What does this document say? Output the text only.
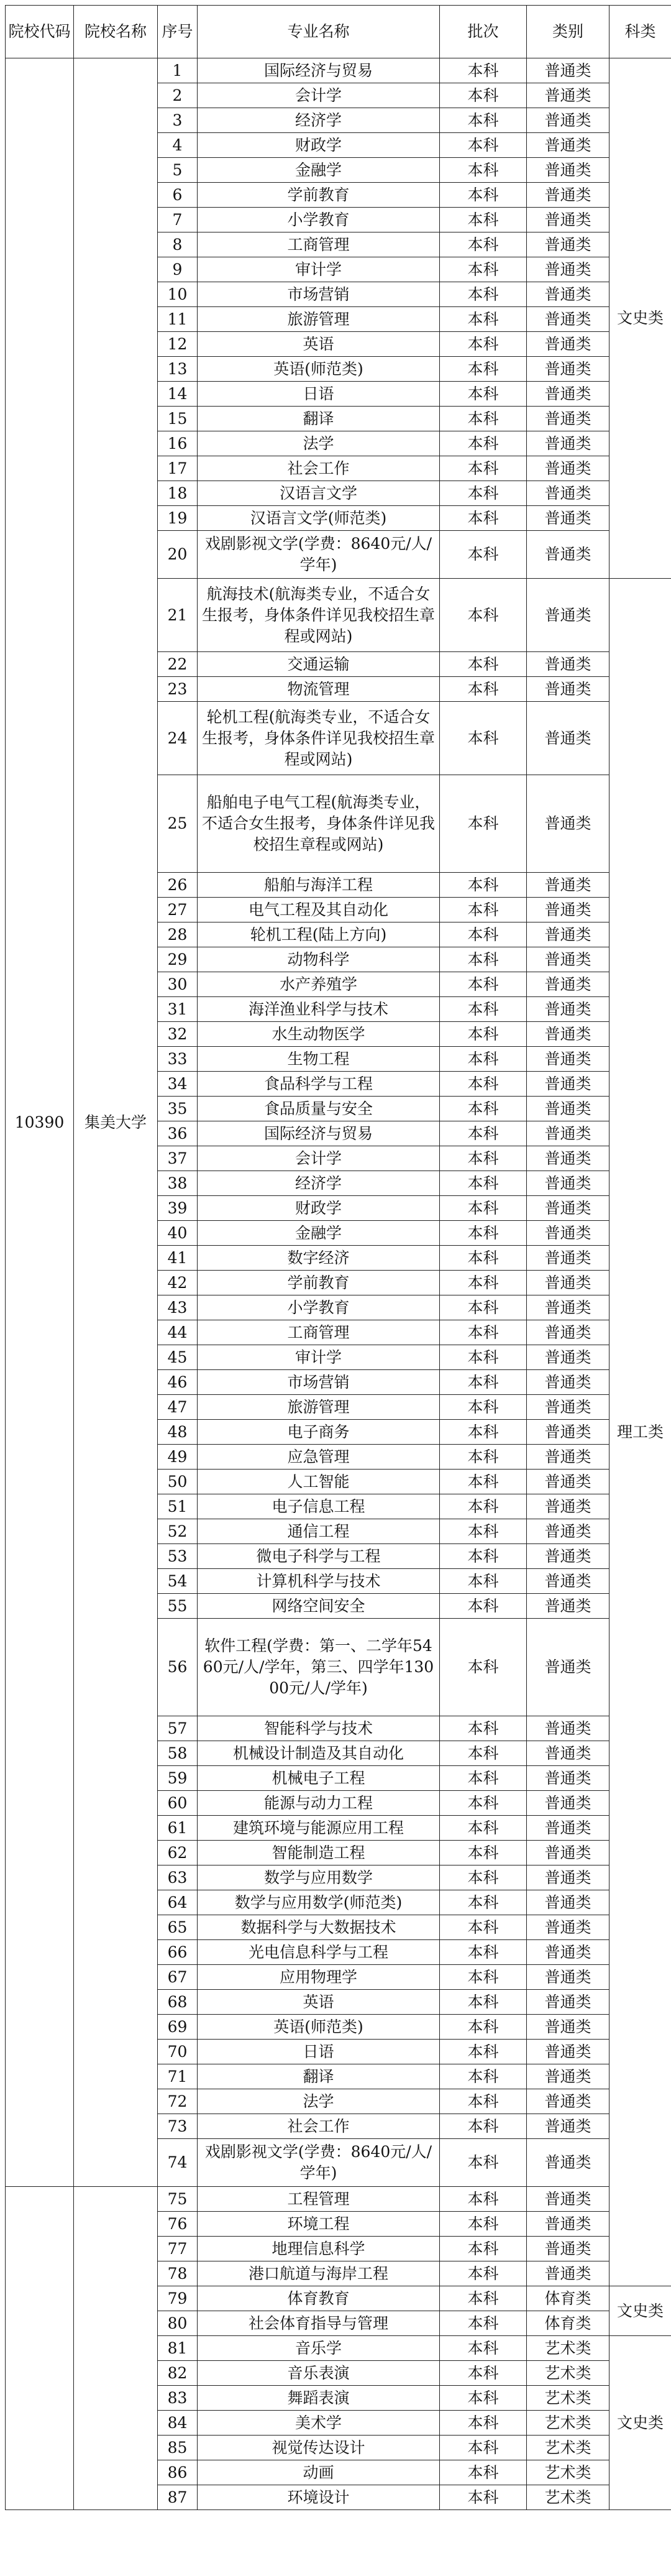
院校代码	院校名称	序号	专业名称	批次	类别	科类
10390	集美大学	1	国际经济与贸易	本科	普通类	文史类
		2	会计学	本科	普通类	
		3	经济学	本科	普通类	
		4	财政学	本科	普通类	
		5	金融学	本科	普通类	
		6	学前教育	本科	普通类	
		7	小学教育	本科	普通类	
		8	工商管理	本科	普通类	
		9	审计学	本科	普通类	
		10	市场营销	本科	普通类	
		11	旅游管理	本科	普通类	
		12	英语	本科	普通类	
		13	英语(师范类)	本科	普通类	
		14	日语	本科	普通类	
		15	翻译	本科	普通类	
		16	法学	本科	普通类	
		17	社会工作	本科	普通类	
		18	汉语言文学	本科	普通类	
		19	汉语言文学(师范类)	本科	普通类	
		20	戏剧影视文学(学费：8640元/人/学年)	本科	普通类	
		21	航海技术(航海类专业，不适合女生报考，身体条件详见我校招生章程或网站)	本科	普通类	理工类
		22	交通运输	本科	普通类	
		23	物流管理	本科	普通类	
		24	轮机工程(航海类专业，不适合女生报考，身体条件详见我校招生章程或网站)	本科	普通类	
		25	船舶电子电气工程(航海类专业，不适合女生报考，身体条件详见我校招生章程或网站)	本科	普通类	
		26	船舶与海洋工程	本科	普通类	
		27	电气工程及其自动化	本科	普通类	
		28	轮机工程(陆上方向)	本科	普通类	
		29	动物科学	本科	普通类	
		30	水产养殖学	本科	普通类	
		31	海洋渔业科学与技术	本科	普通类	
		32	水生动物医学	本科	普通类	
		33	生物工程	本科	普通类	
		34	食品科学与工程	本科	普通类	
		35	食品质量与安全	本科	普通类	
		36	国际经济与贸易	本科	普通类	
		37	会计学	本科	普通类	
		38	经济学	本科	普通类	
		39	财政学	本科	普通类	
		40	金融学	本科	普通类	
		41	数字经济	本科	普通类	
		42	学前教育	本科	普通类	
		43	小学教育	本科	普通类	
		44	工商管理	本科	普通类	
		45	审计学	本科	普通类	
		46	市场营销	本科	普通类	
		47	旅游管理	本科	普通类	
		48	电子商务	本科	普通类	
		49	应急管理	本科	普通类	
		50	人工智能	本科	普通类	
		51	电子信息工程	本科	普通类	
		52	通信工程	本科	普通类	
		53	微电子科学与工程	本科	普通类	
		54	计算机科学与技术	本科	普通类	
		55	网络空间安全	本科	普通类	
		56	软件工程(学费：第一、二学年5460元/人/学年，第三、四学年13000元/人/学年)	本科	普通类	
		57	智能科学与技术	本科	普通类	
		58	机械设计制造及其自动化	本科	普通类	
		59	机械电子工程	本科	普通类	
		60	能源与动力工程	本科	普通类	
		61	建筑环境与能源应用工程	本科	普通类	
		62	智能制造工程	本科	普通类	
		63	数学与应用数学	本科	普通类	
		64	数学与应用数学(师范类)	本科	普通类	
		65	数据科学与大数据技术	本科	普通类	
		66	光电信息科学与工程	本科	普通类	
		67	应用物理学	本科	普通类	
		68	英语	本科	普通类	
		69	英语(师范类)	本科	普通类	
		70	日语	本科	普通类	
		71	翻译	本科	普通类	
		72	法学	本科	普通类	
		73	社会工作	本科	普通类	
		74	戏剧影视文学(学费：8640元/人/学年)	本科	普通类	
		75	工程管理	本科	普通类	
		76	环境工程	本科	普通类	
		77	地理信息科学	本科	普通类	
		78	港口航道与海岸工程	本科	普通类	
		79	体育教育	本科	体育类	文史类
		80	社会体育指导与管理	本科	体育类	
		81	音乐学	本科	艺术类	文史类
		82	音乐表演	本科	艺术类	
		83	舞蹈表演	本科	艺术类	
		84	美术学	本科	艺术类	
		85	视觉传达设计	本科	艺术类	
		86	动画	本科	艺术类	
		87	环境设计	本科	艺术类	
